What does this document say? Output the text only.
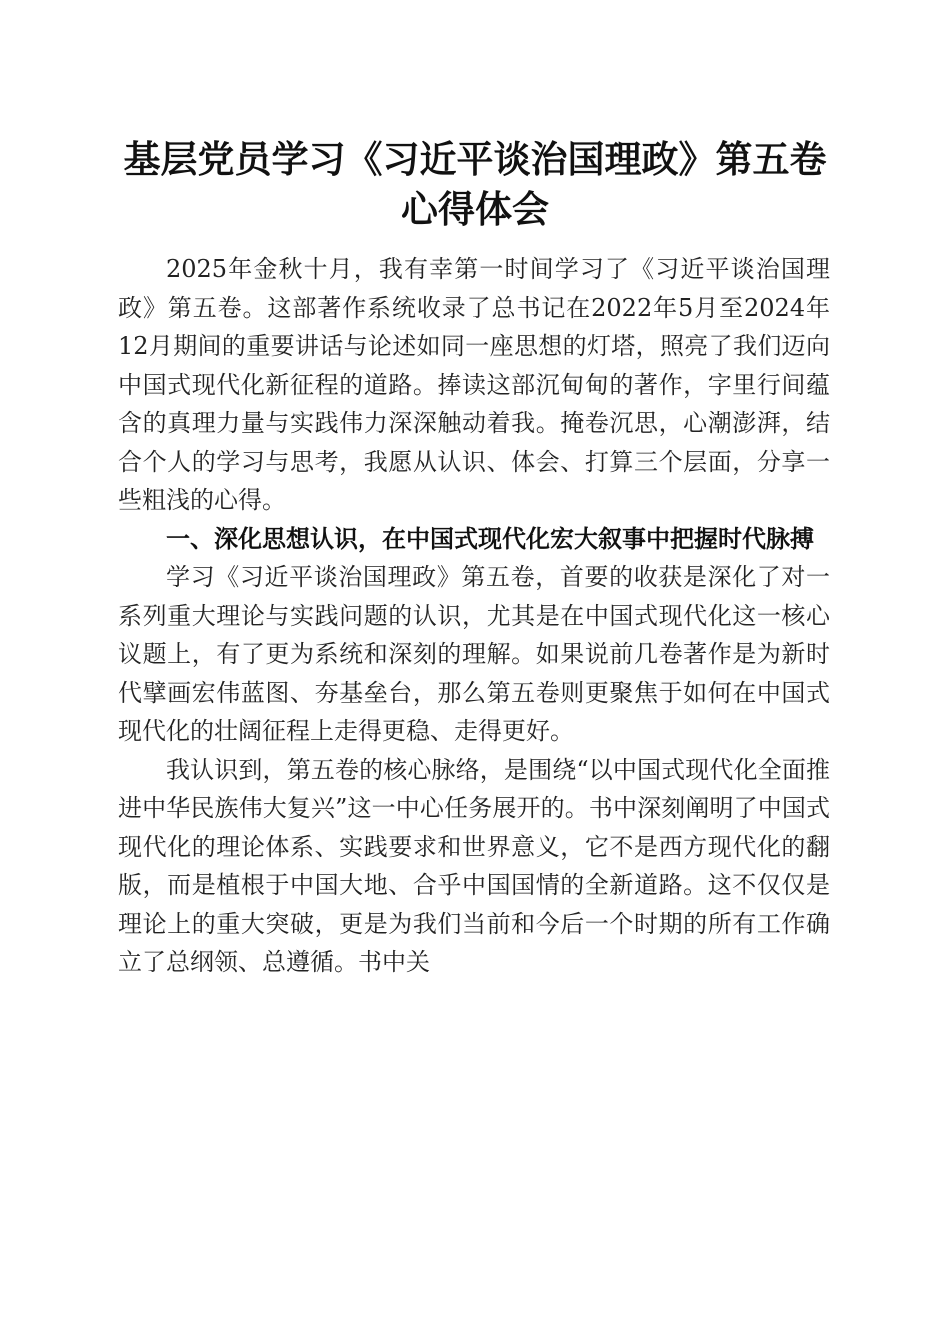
基层党员学习《习近平谈治国理政》第五卷心得体会

2025年金秋十月，我有幸第一时间学习了《习近平谈治国理政》第五卷。这部著作系统收录了总书记在2022年5月至2024年12月期间的重要讲话与论述如同一座思想的灯塔，照亮了我们迈向中国式现代化新征程的道路。捧读这部沉甸甸的著作，字里行间蕴含的真理力量与实践伟力深深触动着我。掩卷沉思，心潮澎湃，结合个人的学习与思考，我愿从认识、体会、打算三个层面，分享一些粗浅的心得。

一、深化思想认识，在中国式现代化宏大叙事中把握时代脉搏

学习《习近平谈治国理政》第五卷，首要的收获是深化了对一系列重大理论与实践问题的认识，尤其是在中国式现代化这一核心议题上，有了更为系统和深刻的理解。如果说前几卷著作是为新时代擘画宏伟蓝图、夯基垒台，那么第五卷则更聚焦于如何在中国式现代化的壮阔征程上走得更稳、走得更好。

我认识到，第五卷的核心脉络，是围绕“以中国式现代化全面推进中华民族伟大复兴”这一中心任务展开的。书中深刻阐明了中国式现代化的理论体系、实践要求和世界意义，它不是西方现代化的翻版，而是植根于中国大地、合乎中国国情的全新道路。这不仅仅是理论上的重大突破，更是为我们当前和今后一个时期的所有工作确立了总纲领、总遵循。书中关
